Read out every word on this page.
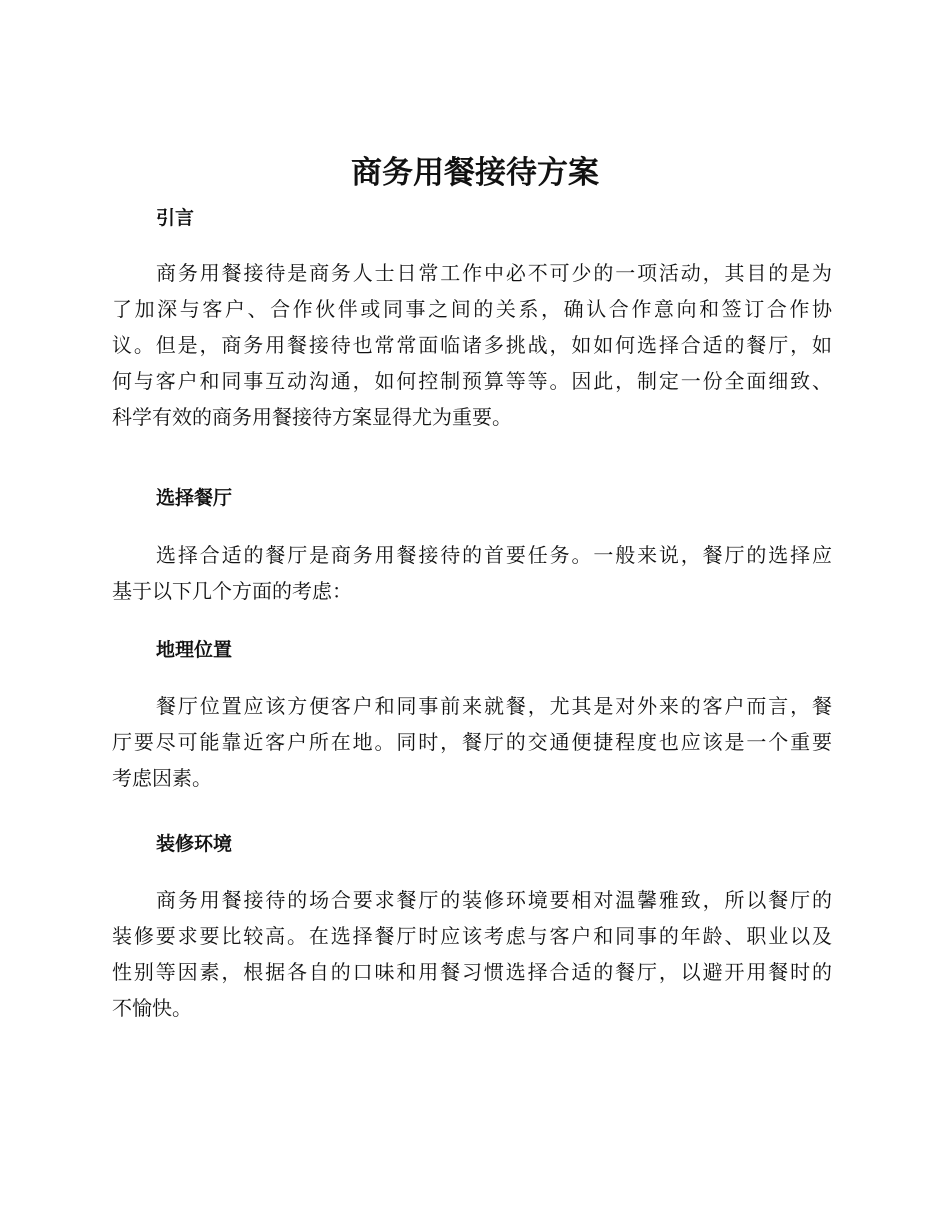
商务用餐接待方案
引言
商务用餐接待是商务人士日常工作中必不可少的一项活动，其目的是为
了加深与客户、合作伙伴或同事之间的关系，确认合作意向和签订合作协
议。但是，商务用餐接待也常常面临诸多挑战，如如何选择合适的餐厅，如
何与客户和同事互动沟通，如何控制预算等等。因此，制定一份全面细致、
科学有效的商务用餐接待方案显得尤为重要。
选择餐厅
选择合适的餐厅是商务用餐接待的首要任务。一般来说，餐厅的选择应
基于以下几个方面的考虑：
地理位置
餐厅位置应该方便客户和同事前来就餐，尤其是对外来的客户而言，餐
厅要尽可能靠近客户所在地。同时，餐厅的交通便捷程度也应该是一个重要
考虑因素。
装修环境
商务用餐接待的场合要求餐厅的装修环境要相对温馨雅致，所以餐厅的
装修要求要比较高。在选择餐厅时应该考虑与客户和同事的年龄、职业以及
性别等因素，根据各自的口味和用餐习惯选择合适的餐厅，以避开用餐时的
不愉快。
